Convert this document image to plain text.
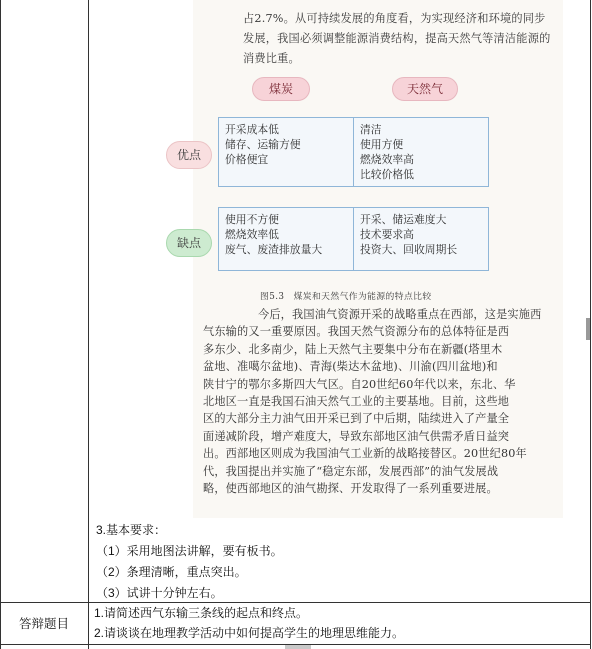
占2.7%。从可持续发展的角度看，为实现经济和环境的同步
发展，我国必须调整能源消费结构，提高天然气等清洁能源的
消费比重。
煤炭	天然气
优点
缺点
开采成本低
储存、运输方便
价格便宜
清洁
使用方便
燃烧效率高
比较价格低
使用不方便
燃烧效率低
废气、废渣排放量大
开采、储运难度大
技术要求高
投资大、回收周期长
图5.3　煤炭和天然气作为能源的特点比较
今后，我国油气资源开采的战略重点在西部，这是实施西
气东输的又一重要原因。我国天然气资源分布的总体特征是西
多东少、北多南少，陆上天然气主要集中分布在新疆(塔里木
盆地、准噶尔盆地)、青海(柴达木盆地)、川渝(四川盆地)和
陕甘宁的鄂尔多斯四大气区。自20世纪60年代以来，东北、华
北地区一直是我国石油天然气工业的主要基地。目前，这些地
区的大部分主力油气田开采已到了中后期，陆续进入了产量全
面递减阶段，增产难度大，导致东部地区油气供需矛盾日益突
出。西部地区则成为我国油气工业新的战略接替区。20世纪80年
代，我国提出并实施了“稳定东部，发展西部”的油气发展战
略，使西部地区的油气勘探、开发取得了一系列重要进展。
3.基本要求：
（1）采用地图法讲解，要有板书。
（2）条理清晰，重点突出。
（3）试讲十分钟左右。
答辩题目
1.请简述西气东输三条线的起点和终点。
2.请谈谈在地理教学活动中如何提高学生的地理思维能力。
